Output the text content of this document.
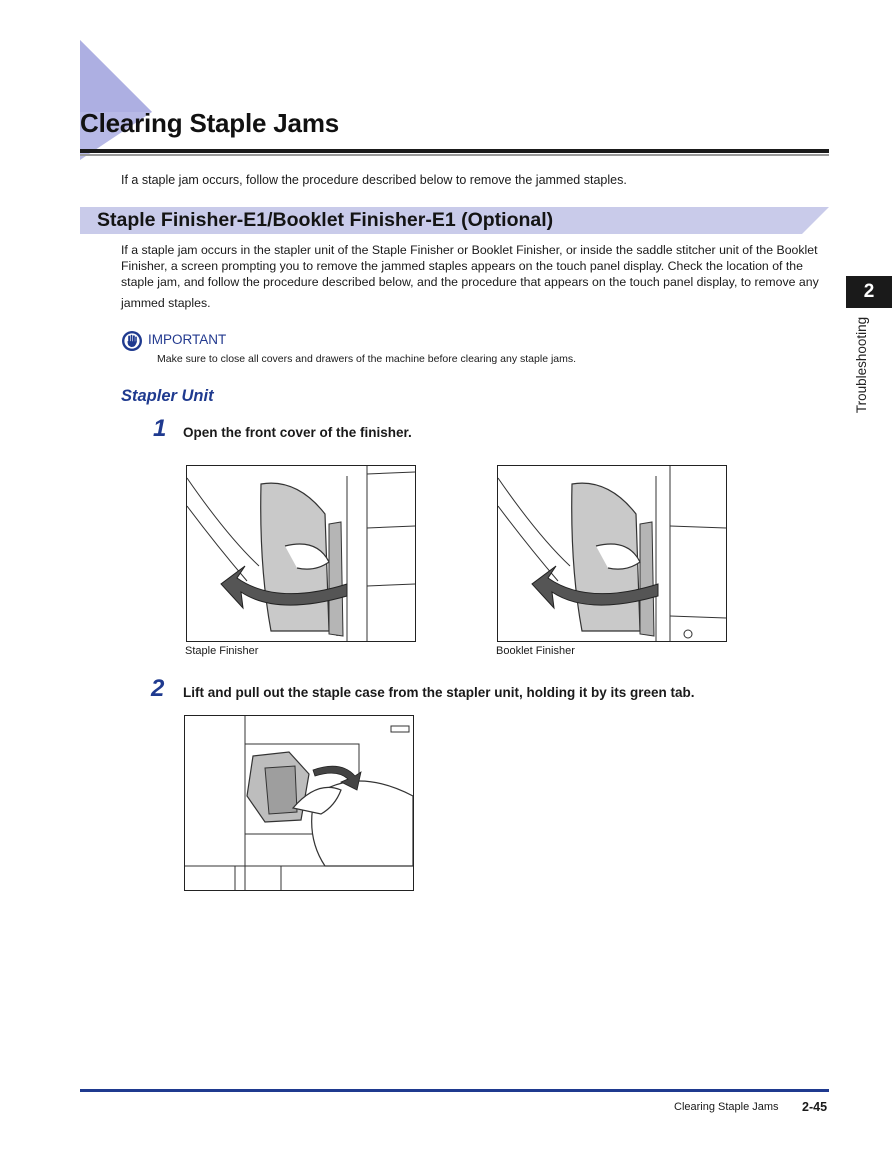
Clearing Staple Jams

If a staple jam occurs, follow the procedure described below to remove the jammed staples.

Staple Finisher-E1/Booklet Finisher-E1 (Optional)

If a staple jam occurs in the stapler unit of the Staple Finisher or Booklet Finisher, or inside the saddle stitcher unit of the Booklet Finisher, a screen prompting you to remove the jammed staples appears on the touch panel display. Check the location of the staple jam, and follow the procedure described below, and the procedure that appears on the touch panel display, to remove any
jammed staples.

2
Troubleshooting
IMPORTANT
Make sure to close all covers and drawers of the machine before clearing any staple jams.
Stapler Unit
1 Open the front cover of the finisher.
Staple Finisher	Booklet Finisher
2 Lift and pull out the staple case from the stapler unit, holding it by its green tab.
Clearing Staple Jams 2-45
